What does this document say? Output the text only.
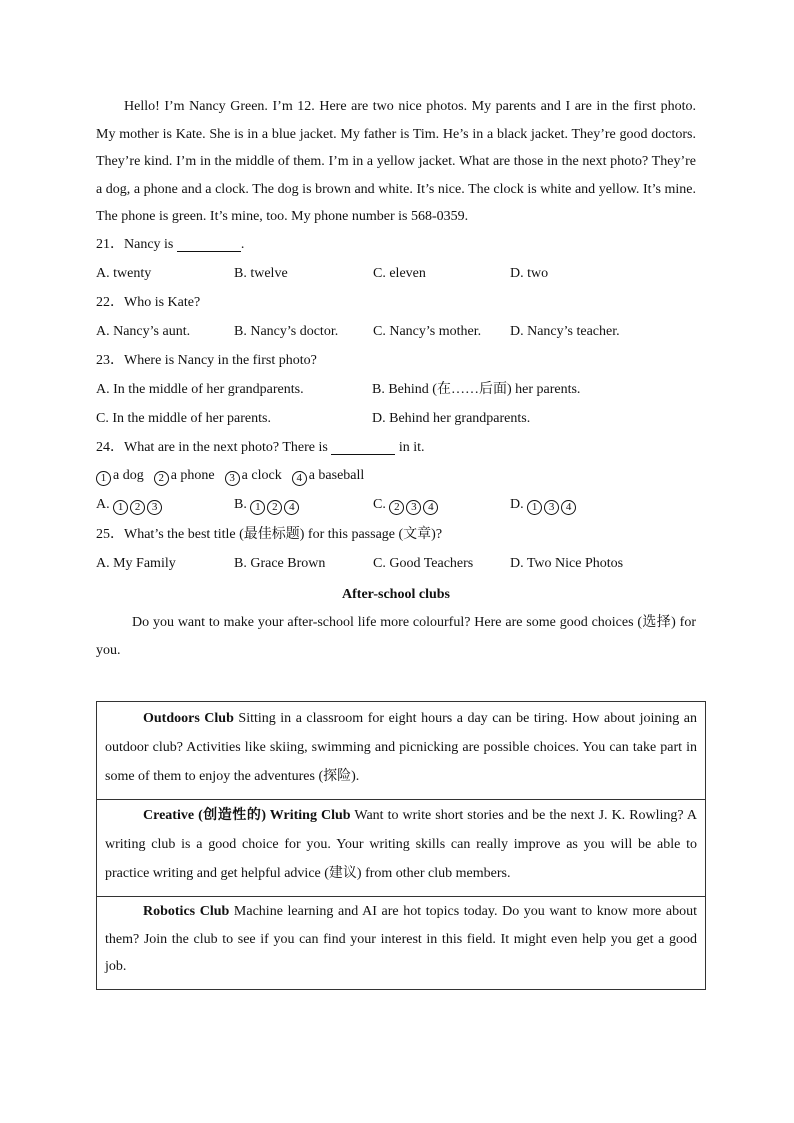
Hello! I’m Nancy Green. I’m 12. Here are two nice photos. My parents and I are in the first photo. My mother is Kate. She is in a blue jacket. My father is Tim. He’s in a black jacket. They’re good doctors. They’re kind. I’m in the middle of them. I’m in a yellow jacket. What are those in the next photo? They’re a dog, a phone and a clock. The dog is brown and white. It’s nice. The clock is white and yellow. It’s mine. The phone is green. It’s mine, too. My phone number is 568-0359.

21．Nancy is	.
A. twenty	B. twelve	C. eleven	D. two
22．Who is Kate?
A. Nancy’s aunt.	B. Nancy’s doctor.	C. Nancy’s mother.	D. Nancy’s teacher.
23．Where is Nancy in the first photo?
A. In the middle of her grandparents.	B. Behind (在……后面) her parents.
C. In the middle of her parents.	D. Behind her grandparents.
24．What are in the next photo? There is	in it.
1 a dog	2 a phone	3 a clock	4 a baseball
A. 1 2 3	B. 1 2 4	C. 2 3 4	D. 1 3 4
25．What’s the best title (最佳标题) for this passage (文章)?
A. My Family	B. Grace Brown	C. Good Teachers	D. Two Nice Photos
After-school clubs

Do you want to make your after-school life more colourful? Here are some good choices (选择) for you.

Outdoors Club Sitting in a classroom for eight hours a day can be tiring. How about joining an outdoor club? Activities like skiing, swimming and picnicking are possible choices. You can take part in some of them to enjoy the adventures (探险).

Creative (创造性的) Writing Club Want to write short stories and be the next J. K. Rowling? A writing club is a good choice for you. Your writing skills can really improve as you will be able to practice writing and get helpful advice (建议) from other club members.

Robotics Club Machine learning and AI are hot topics today. Do you want to know more about them? Join the club to see if you can find your interest in this field. It might even help you get a good job.
